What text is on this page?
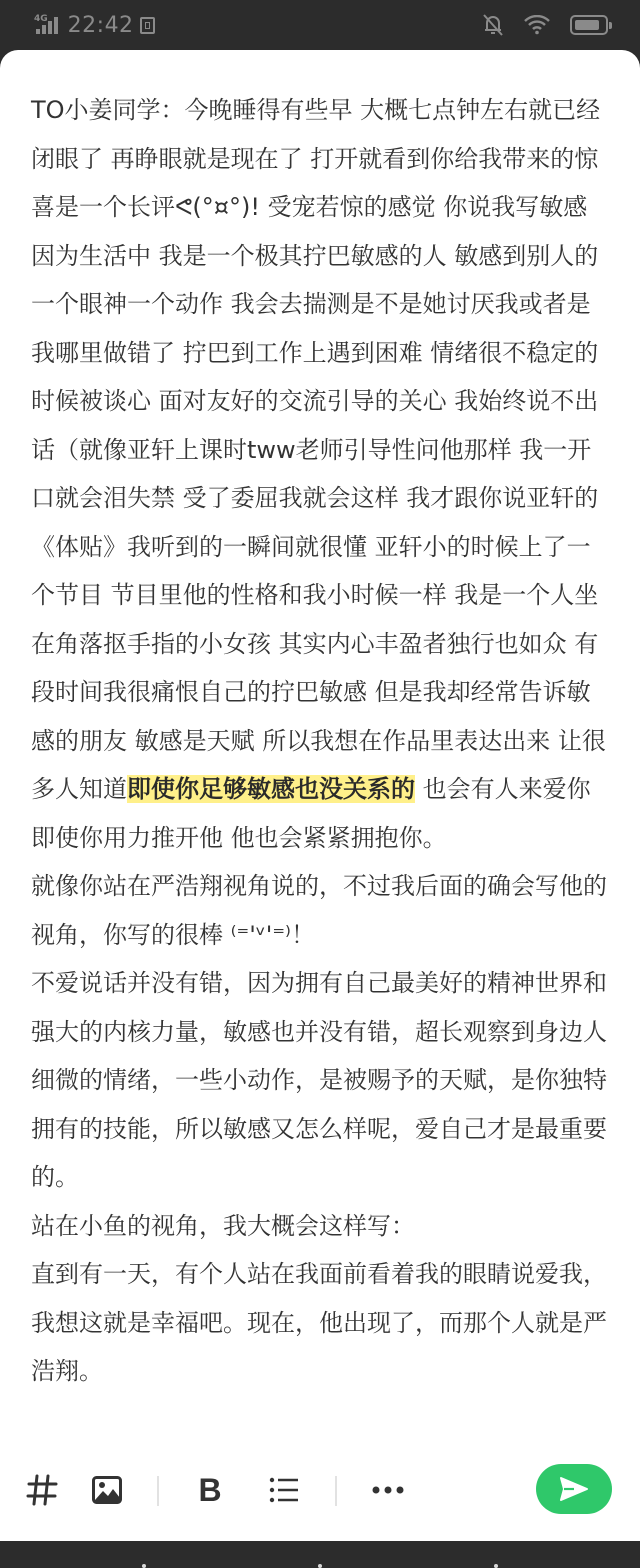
4G 22:42

TO小姜同学：今晚睡得有些早 大概七点钟左右就已经闭眼了 再睁眼就是现在了 打开就看到你给我带来的惊喜是一个长评ᕙ(°¤°)! 受宠若惊的感觉 你说我写敏感 因为生活中 我是一个极其拧巴敏感的人 敏感到别人的一个眼神一个动作 我会去揣测是不是她讨厌我或者是我哪里做错了 拧巴到工作上遇到困难 情绪很不稳定的时候被谈心 面对友好的交流引导的关心 我始终说不出话（就像亚轩上课时tww老师引导性问他那样 我一开口就会泪失禁 受了委屈我就会这样 我才跟你说亚轩的《体贴》我听到的一瞬间就很懂 亚轩小的时候上了一个节目 节目里他的性格和我小时候一样 我是一个人坐在角落抠手指的小女孩 其实内心丰盈者独行也如众 有段时间我很痛恨自己的拧巴敏感 但是我却经常告诉敏感的朋友 敏感是天赋 所以我想在作品里表达出来 让很多人知道即使你足够敏感也没关系的 也会有人来爱你 即使你用力推开他 他也会紧紧拥抱你。

就像你站在严浩翔视角说的，不过我后面的确会写他的视角，你写的很棒 ⁽⁼'ᵛ'⁼⁾！

不爱说话并没有错，因为拥有自己最美好的精神世界和强大的内核力量，敏感也并没有错，超长观察到身边人细微的情绪，一些小动作，是被赐予的天赋，是你独特拥有的技能，所以敏感又怎么样呢，爱自己才是最重要的。

站在小鱼的视角，我大概会这样写：

直到有一天，有个人站在我面前看着我的眼睛说爱我，我想这就是幸福吧。现在，他出现了，而那个人就是严浩翔。

B
